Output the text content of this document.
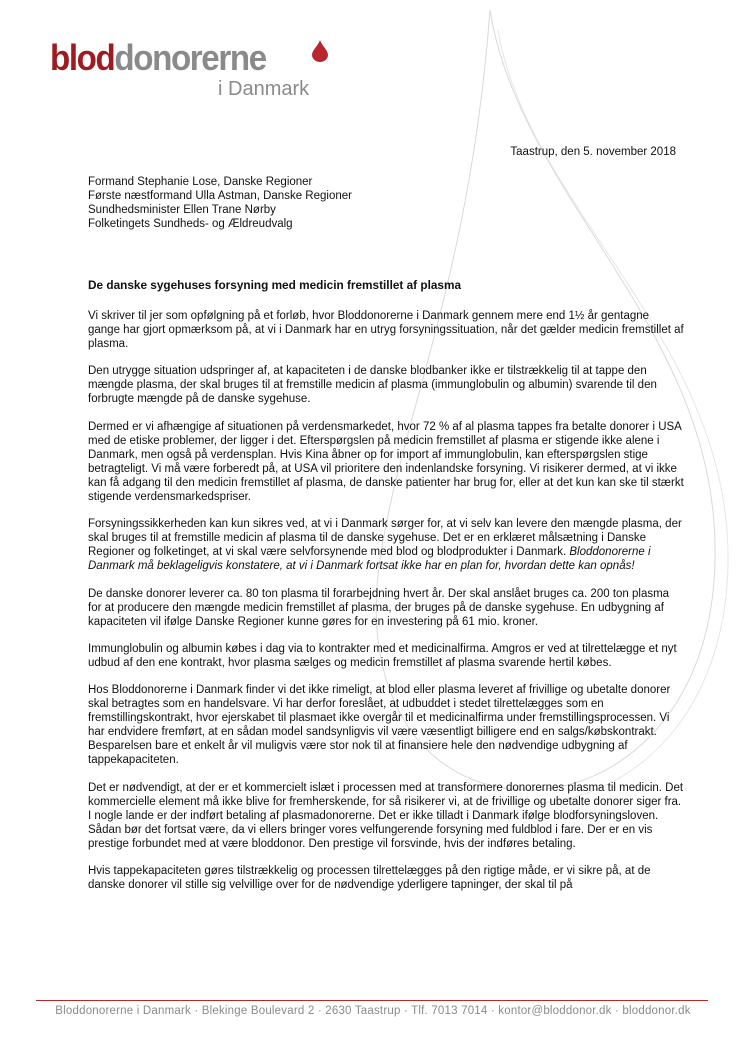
bloddonorerne
i Danmark
Taastrup, den 5. november 2018
Formand Stephanie Lose, Danske Regioner
Første næstformand Ulla Astman, Danske Regioner
Sundhedsminister Ellen Trane Nørby
Folketingets Sundheds- og Ældreudvalg
De danske sygehuses forsyning med medicin fremstillet af plasma

Vi skriver til jer som opfølgning på et forløb, hvor Bloddonorerne i Danmark gennem mere end 1½ år gentagne gange har gjort opmærksom på, at vi i Danmark har en utryg forsyningssituation, når det gælder medicin fremstillet af plasma.

Den utrygge situation udspringer af, at kapaciteten i de danske blodbanker ikke er tilstrækkelig til at tappe den mængde plasma, der skal bruges til at fremstille medicin af plasma (immunglobulin og albumin) svarende til den forbrugte mængde på de danske sygehuse.

Dermed er vi afhængige af situationen på verdensmarkedet, hvor 72 % af al plasma tappes fra betalte donorer i USA med de etiske problemer, der ligger i det. Efterspørgslen på medicin fremstillet af plasma er stigende ikke alene i Danmark, men også på verdensplan. Hvis Kina åbner op for import af immunglobulin, kan efterspørgslen stige betragteligt. Vi må være forberedt på, at USA vil prioritere den indenlandske forsyning. Vi risikerer dermed, at vi ikke kan få adgang til den medicin fremstillet af plasma, de danske patienter har brug for, eller at det kun kan ske til stærkt stigende verdensmarkedspriser.

Forsyningssikkerheden kan kun sikres ved, at vi i Danmark sørger for, at vi selv kan levere den mængde plasma, der skal bruges til at fremstille medicin af plasma til de danske sygehuse. Det er en erklæret målsætning i Danske Regioner og folketinget, at vi skal være selvforsynende med blod og blodprodukter i Danmark. Bloddonorerne i Danmark må beklageligvis konstatere, at vi i Danmark fortsat ikke har en plan for, hvordan dette kan opnås!

De danske donorer leverer ca. 80 ton plasma til forarbejdning hvert år. Der skal anslået bruges ca. 200 ton plasma for at producere den mængde medicin fremstillet af plasma, der bruges på de danske sygehuse. En udbygning af kapaciteten vil ifølge Danske Regioner kunne gøres for en investering på 61 mio. kroner.

Immunglobulin og albumin købes i dag via to kontrakter med et medicinalfirma. Amgros er ved at tilrettelægge et nyt udbud af den ene kontrakt, hvor plasma sælges og medicin fremstillet af plasma svarende hertil købes.

Hos Bloddonorerne i Danmark finder vi det ikke rimeligt, at blod eller plasma leveret af frivillige og ubetalte donorer skal betragtes som en handelsvare. Vi har derfor foreslået, at udbuddet i stedet tilrettelægges som en fremstillingskontrakt, hvor ejerskabet til plasmaet ikke overgår til et medicinalfirma under fremstillingsprocessen. Vi har endvidere fremført, at en sådan model sandsynligvis vil være væsentligt billigere end en salgs/købskontrakt. Besparelsen bare et enkelt år vil muligvis være stor nok til at finansiere hele den nødvendige udbygning af tappekapaciteten.

Det er nødvendigt, at der er et kommercielt islæt i processen med at transformere donorernes plasma til medicin. Det kommercielle element må ikke blive for fremherskende, for så risikerer vi, at de frivillige og ubetalte donorer siger fra. I nogle lande er der indført betaling af plasmadonorerne. Det er ikke tilladt i Danmark ifølge blodforsyningsloven. Sådan bør det fortsat være, da vi ellers bringer vores velfungerende forsyning med fuldblod i fare. Der er en vis prestige forbundet med at være bloddonor. Den prestige vil forsvinde, hvis der indføres betaling.

Hvis tappekapaciteten gøres tilstrækkelig og processen tilrettelægges på den rigtige måde, er vi sikre på, at de danske donorer vil stille sig velvillige over for de nødvendige yderligere tapninger, der skal til på

Bloddonorerne i Danmark · Blekinge Boulevard 2 · 2630 Taastrup · Tlf. 7013 7014 · kontor@bloddonor.dk · bloddonor.dk
